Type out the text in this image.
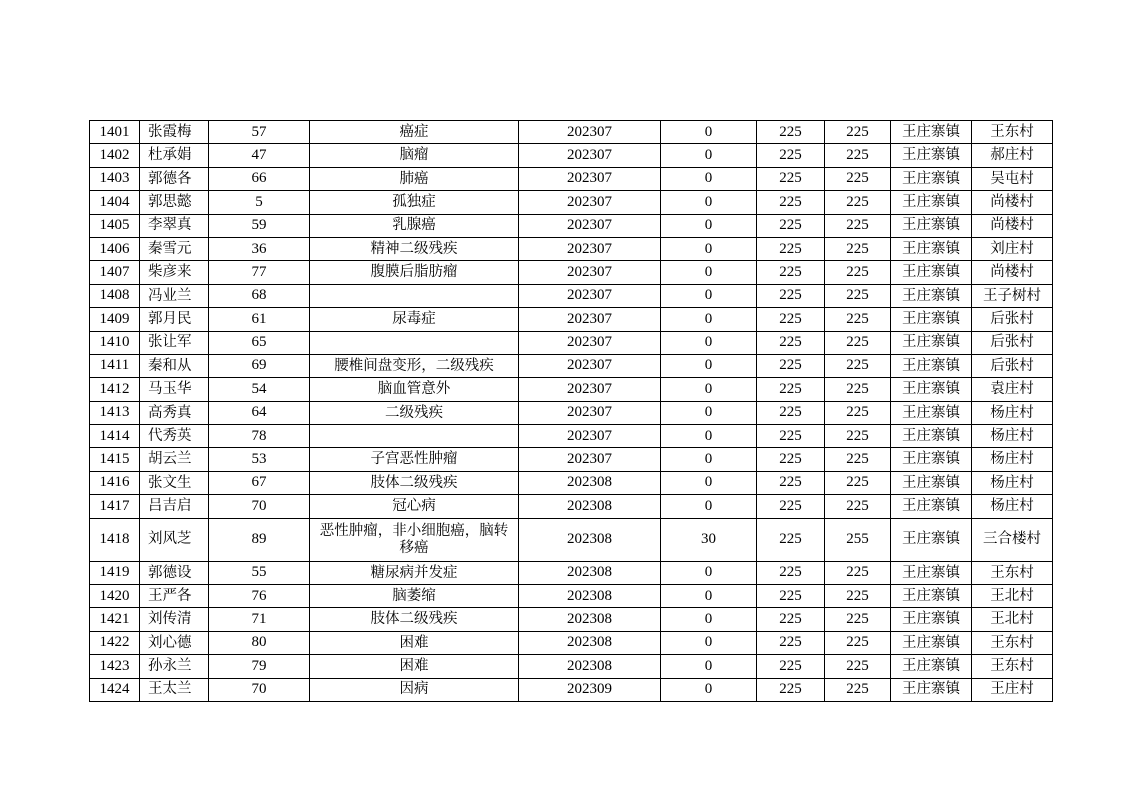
1401	张霞梅	57	癌症	202307	0	225	225	王庄寨镇	王东村
1402	杜承娟	47	脑瘤	202307	0	225	225	王庄寨镇	郝庄村
1403	郭德各	66	肺癌	202307	0	225	225	王庄寨镇	吴屯村
1404	郭思懿	5	孤独症	202307	0	225	225	王庄寨镇	尚楼村
1405	李翠真	59	乳腺癌	202307	0	225	225	王庄寨镇	尚楼村
1406	秦雪元	36	精神二级残疾	202307	0	225	225	王庄寨镇	刘庄村
1407	柴彦来	77	腹膜后脂肪瘤	202307	0	225	225	王庄寨镇	尚楼村
1408	冯业兰	68		202307	0	225	225	王庄寨镇	王子树村
1409	郭月民	61	尿毒症	202307	0	225	225	王庄寨镇	后张村
1410	张让军	65		202307	0	225	225	王庄寨镇	后张村
1411	秦和从	69	腰椎间盘变形，二级残疾	202307	0	225	225	王庄寨镇	后张村
1412	马玉华	54	脑血管意外	202307	0	225	225	王庄寨镇	袁庄村
1413	高秀真	64	二级残疾	202307	0	225	225	王庄寨镇	杨庄村
1414	代秀英	78		202307	0	225	225	王庄寨镇	杨庄村
1415	胡云兰	53	子宫恶性肿瘤	202307	0	225	225	王庄寨镇	杨庄村
1416	张文生	67	肢体二级残疾	202308	0	225	225	王庄寨镇	杨庄村
1417	吕吉启	70	冠心病	202308	0	225	225	王庄寨镇	杨庄村
1418	刘风芝	89	恶性肿瘤，非小细胞癌，脑转移癌	202308	30	225	255	王庄寨镇	三合楼村
1419	郭德设	55	糖尿病并发症	202308	0	225	225	王庄寨镇	王东村
1420	王严各	76	脑萎缩	202308	0	225	225	王庄寨镇	王北村
1421	刘传清	71	肢体二级残疾	202308	0	225	225	王庄寨镇	王北村
1422	刘心德	80	困难	202308	0	225	225	王庄寨镇	王东村
1423	孙永兰	79	困难	202308	0	225	225	王庄寨镇	王东村
1424	王太兰	70	因病	202309	0	225	225	王庄寨镇	王庄村
